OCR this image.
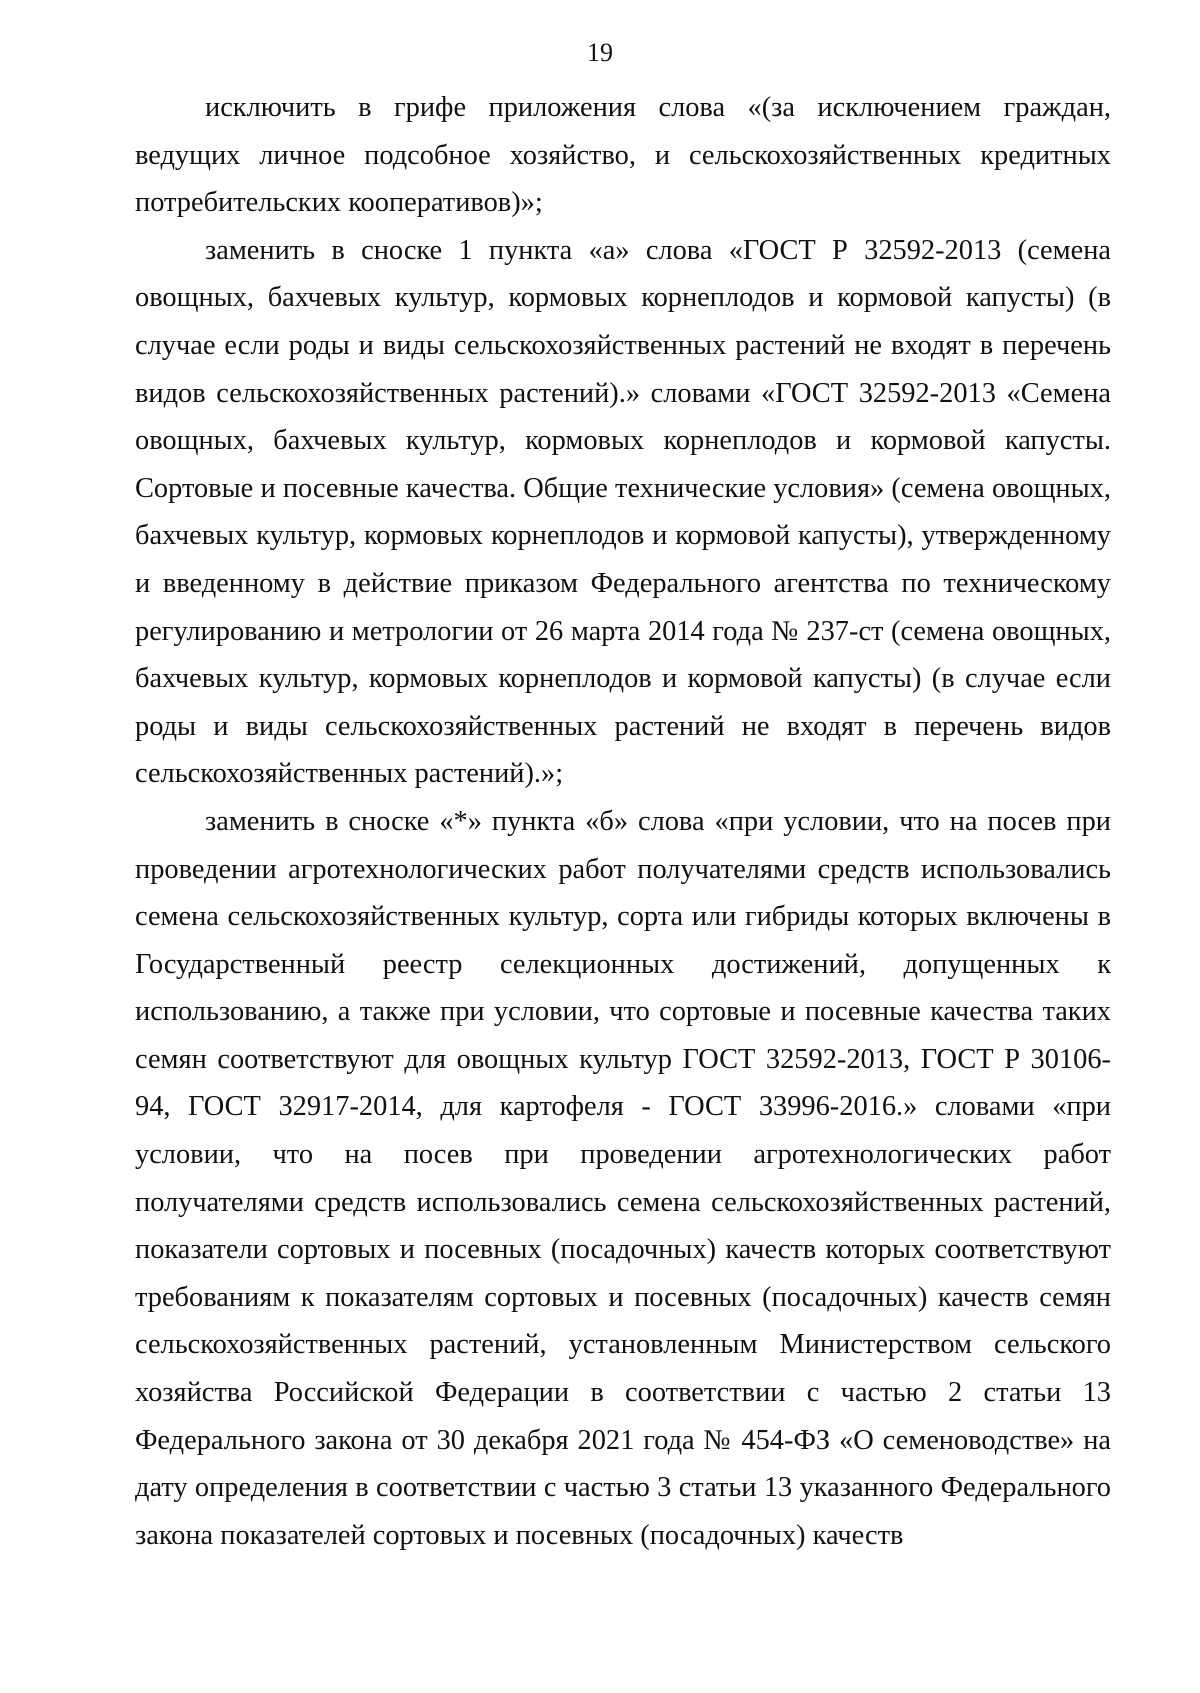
19

исключить в грифе приложения слова «(за исключением граждан, ведущих личное подсобное хозяйство, и сельскохозяйственных кредитных потребительских кооперативов)»;

заменить в сноске 1 пункта «а» слова «ГОСТ Р 32592-2013 (семена овощных, бахчевых культур, кормовых корнеплодов и кормовой капусты) (в случае если роды и виды сельскохозяйственных растений не входят в перечень видов сельскохозяйственных растений).» словами «ГОСТ 32592-2013 «Семена овощных, бахчевых культур, кормовых корнеплодов и кормовой капусты. Сортовые и посевные качества. Общие технические условия» (семена овощных, бахчевых культур, кормовых корнеплодов и кормовой капусты), утвержденному и введенному в действие приказом Федерального агентства по техническому регулированию и метрологии от 26 марта 2014 года № 237-ст (семена овощных, бахчевых культур, кормовых корнеплодов и кормовой капусты) (в случае если роды и виды сельскохозяйственных растений не входят в перечень видов сельскохозяйственных растений).»;

заменить в сноске «*» пункта «б» слова «при условии, что на посев при проведении агротехнологических работ получателями средств использовались семена сельскохозяйственных культур, сорта или гибриды которых включены в Государственный реестр селекционных достижений, допущенных к использованию, а также при условии, что сортовые и посевные качества таких семян соответствуют для овощных культур ГОСТ 32592-2013, ГОСТ Р 30106-94, ГОСТ 32917-2014, для картофеля - ГОСТ 33996-2016.» словами «при условии, что на посев при проведении агротехнологических работ получателями средств использовались семена сельскохозяйственных растений, показатели сортовых и посевных (посадочных) качеств которых соответствуют требованиям к показателям сортовых и посевных (посадочных) качеств семян сельскохозяйственных растений, установленным Министерством сельского хозяйства Российской Федерации в соответствии с частью 2 статьи 13 Федерального закона от 30 декабря 2021 года № 454-ФЗ «О семеноводстве» на дату определения в соответствии с частью 3 статьи 13 указанного Федерального закона показателей сортовых и посевных (посадочных) качеств
